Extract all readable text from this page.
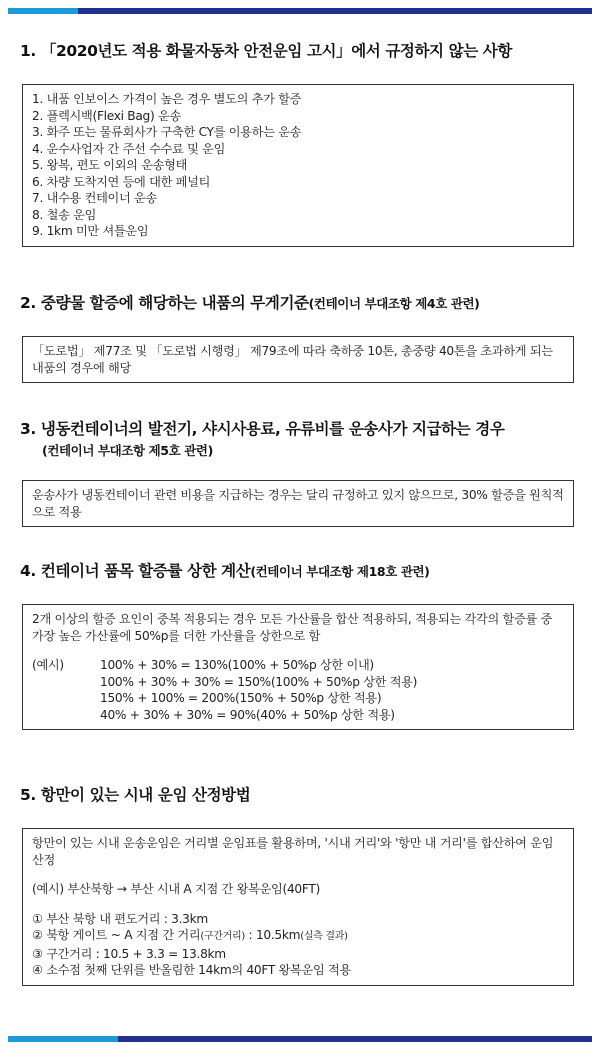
1. 「2020년도 적용 화물자동차 안전운임 고시」에서 규정하지 않는 사항
1. 내품 인보이스 가격이 높은 경우 별도의 추가 할증
2. 플렉시백(Flexi Bag) 운송
3. 화주 또는 물류회사가 구축한 CY를 이용하는 운송
4. 운수사업자 간 주선 수수료 및 운임
5. 왕복, 편도 이외의 운송형태
6. 차량 도착지연 등에 대한 페널티
7. 내수용 컨테이너 운송
8. 철송 운임
9. 1km 미만 셔틀운임
2. 중량물 할증에 해당하는 내품의 무게기준(컨테이너 부대조항 제4호 관련)

「도로법」 제77조 및 「도로법 시행령」 제79조에 따라 축하중 10톤, 총중량 40톤을 초과하게 되는 내품의 경우에 해당

3. 냉동컨테이너의 발전기, 샤시사용료, 유류비를 운송사가 지급하는 경우
(컨테이너 부대조항 제5호 관련)

운송사가 냉동컨테이너 관련 비용을 지급하는 경우는 달리 규정하고 있지 않으므로, 30% 할증을 원칙적으로 적용

4. 컨테이너 품목 할증률 상한 계산(컨테이너 부대조항 제18호 관련)

2개 이상의 할증 요인이 중복 적용되는 경우 모든 가산률을 합산 적용하되, 적용되는 각각의 할증률 중 가장 높은 가산률에 50%p를 더한 가산률을 상한으로 함

(예시)	100% + 30% = 130%(100% + 50%p 상한 이내)
100% + 30% + 30% = 150%(100% + 50%p 상한 적용)
150% + 100% = 200%(150% + 50%p 상한 적용)
40% + 30% + 30% = 90%(40% + 50%p 상한 적용)
5. 항만이 있는 시내 운임 산정방법

항만이 있는 시내 운송운임은 거리별 운임표를 활용하며, '시내 거리'와 '항만 내 거리'를 합산하여 운임 산정

(예시) 부산북항 → 부산 시내 A 지점 간 왕복운임(40FT)

① 부산 북항 내 편도거리 : 3.3km

② 북항 게이트 ~ A 지점 간 거리(구간거리) : 10.5km(실측 결과)

③ 구간거리 : 10.5 + 3.3 = 13.8km

④ 소수점 첫째 단위를 반올림한 14km의 40FT 왕복운임 적용
